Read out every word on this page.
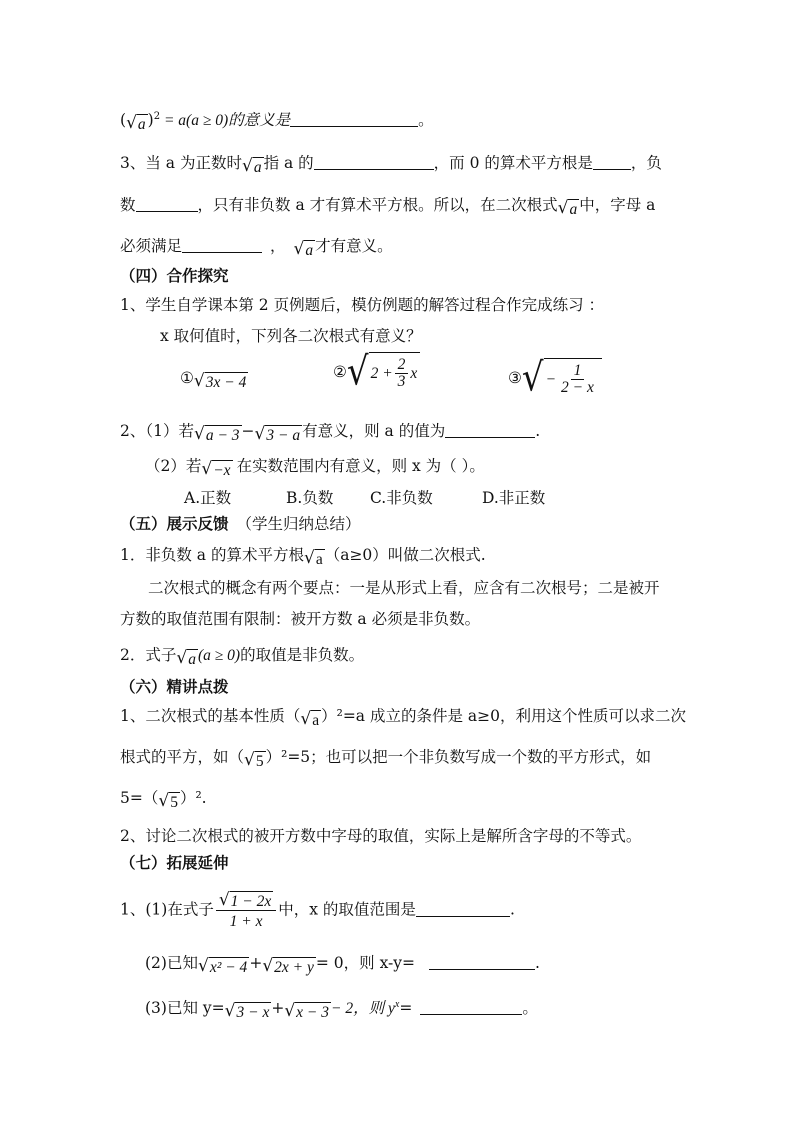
( √ a )$^2$ = a(a ≥ 0)的意义是	。
3、当 a 为正数时 √ a 指 a 的	，而 0 的算术平方根是 ，负
数	，只有非负数 a 才有算术平方根。所以，在二次根式 √ a 中，字母 a
必须满足	， √ a 才有意义。
（四）合作探究
1、学生自学课本第 2 页例题后，模仿例题的解答过程合作完成练习 ：
x 取何值时，下列各二次根式有意义？
① √ 3x − 4
② √ $2 + \frac{2}{3}$ x	③ √ − $\frac{1}{2 - x}$
2、（1）若 √ a − 3 − √ 3 − a 有意义，则 a 的值为	.
（2）若 √ −x 在实数范围内有意义，则 x 为（ ）。
A.正数	B.负数 C.非负数	D.非正数
（五）展示反馈 （学生归纳总结）
1．非负数 a 的算术平方根 √ a （a≥0）叫做二次根式.
二次根式的概念有两个要点：一是从形式上看，应含有二次根号；二是被开
方数的取值范围有限制：被开方数 a 必须是非负数。
2．式子 √ a (a ≥ 0)的取值是非负数。
（六）精讲点拨
1、二次根式的基本性质（ √ a ）²=a 成立的条件是 a≥0，利用这个性质可以求二次
根式的平方，如（ √ 5 ）²=5；也可以把一个非负数写成一个数的平方形式，如
5=（ √ 5 ）².
2、讨论二次根式的被开方数中字母的取值，实际上是解所含字母的不等式。
（七）拓展延伸
1、(1)在式子 $\frac{√ 1 - 2x}{1 + x}$ 中，x 的取值范围是	.
(2)已知 √ x² − 4 + √ 2x + y = 0，则 x-y=	.
(3)已知 y= √ 3 − x + √ x − 3 − 2，则 $y^x=$	。
